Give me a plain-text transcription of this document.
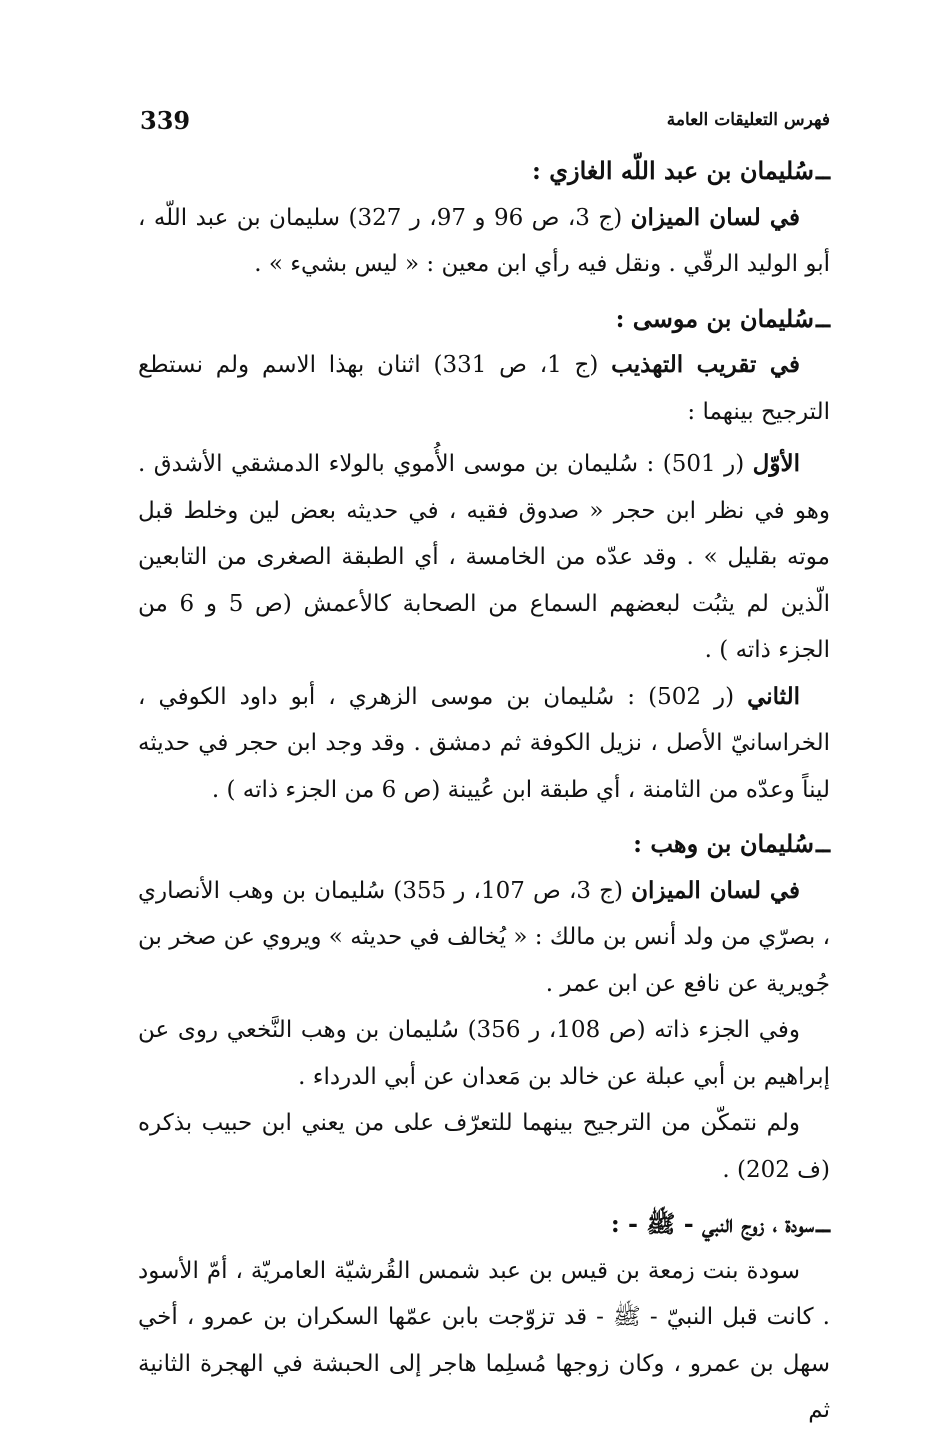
339	فهرس التعليقات العامة

ــسُليمان بن عبد اللّه الغازي :

في لسان الميزان (ج 3، ص 96 و 97، ر 327) سليمان بن عبد اللّه ، أبو الوليد الرقّي . ونقل فيه رأي ابن معين : « ليس بشيء » .

ــسُليمان بن موسى :

في تقريب التهذيب (ج 1، ص 331) اثنان بهذا الاسم ولم نستطع الترجيح بينهما :

الأوّل (ر 501) : سُليمان بن موسى الأُموي بالولاء الدمشقي الأشدق . وهو في نظر ابن حجر « صدوق فقيه ، في حديثه بعض لين وخلط قبل موته بقليل » . وقد عدّه من الخامسة ، أي الطبقة الصغرى من التابعين الّذين لم يثبُت لبعضهم السماع من الصحابة كالأعمش (ص 5 و 6 من الجزء ذاته ) .

الثاني (ر 502) : سُليمان بن موسى الزهري ، أبو داود الكوفي ، الخراسانيّ الأصل ، نزيل الكوفة ثم دمشق . وقد وجد ابن حجر في حديثه ليناً وعدّه من الثامنة ، أي طبقة ابن عُيينة (ص 6 من الجزء ذاته ) .

ــسُليمان بن وهب :

في لسان الميزان (ج 3، ص 107، ر 355) سُليمان بن وهب الأنصاري ، بصرّي من ولد أنس بن مالك : « يُخالف في حديثه » ويروي عن صخر بن جُويرية عن نافع عن ابن عمر .

وفي الجزء ذاته (ص 108، ر 356) سُليمان بن وهب النَّخعي روى عن إبراهيم بن أبي عبلة عن خالد بن مَعدان عن أبي الدرداء .

ولم نتمكّن من الترجيح بينهما للتعرّف على من يعني ابن حبيب بذكره (ف 202) .

ــسودة ، زوج النبي - ﷺ - :

سودة بنت زمعة بن قيس بن عبد شمس القُرشيّة العامريّة ، أمّ الأسود . كانت قبل النبيّ - ﷺ - قد تزوّجت بابن عمّها السكران بن عمرو ، أخي سهل بن عمرو ، وكان زوجها مُسلِما هاجر إلى الحبشة في الهجرة الثانية ثم
